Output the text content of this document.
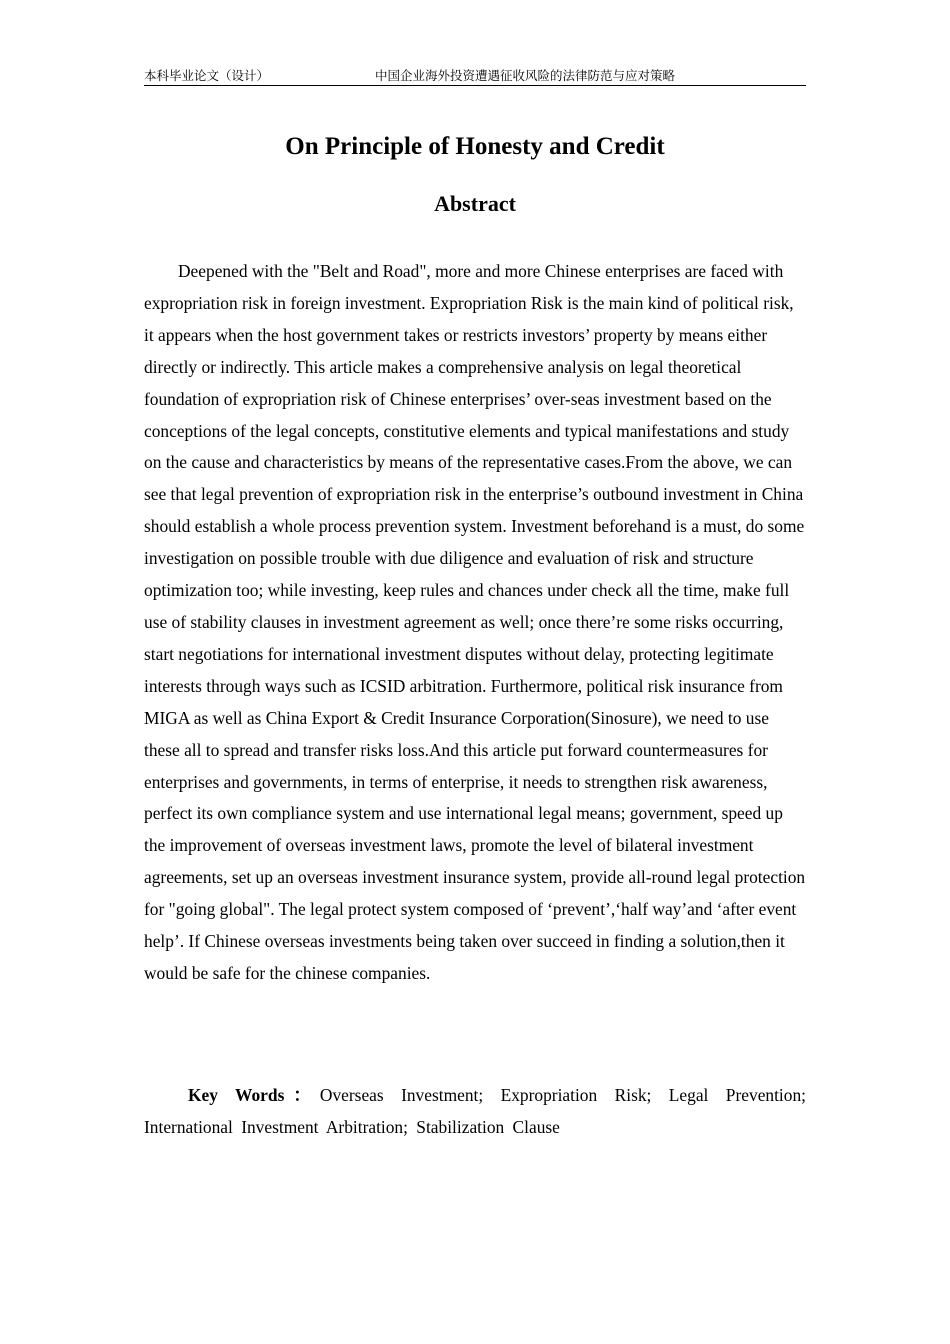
本科毕业论文（设计）	中国企业海外投资遭遇征收风险的法律防范与应对策略
On Principle of Honesty and Credit
Abstract

Deepened with the "Belt and Road", more and more Chinese enterprises are faced with expropriation risk in foreign investment. Expropriation Risk is the main kind of political risk, it appears when the host government takes or restricts investors’ property by means either directly or indirectly. This article makes a comprehensive analysis on legal theoretical foundation of expropriation risk of Chinese enterprises’ over-seas investment based on the conceptions of the legal concepts, constitutive elements and typical manifestations and study on the cause and characteristics by means of the representative cases.From the above, we can see that legal prevention of expropriation risk in the enterprise’s outbound investment in China should establish a whole process prevention system. Investment beforehand is a must, do some investigation on possible trouble with due diligence and evaluation of risk and structure optimization too; while investing, keep rules and chances under check all the time, make full use of stability clauses in investment agreement as well; once there’re some risks occurring, start negotiations for international investment disputes without delay, protecting legitimate interests through ways such as ICSID arbitration. Furthermore, political risk insurance from MIGA as well as China Export & Credit Insurance Corporation(Sinosure), we need to use these all to spread and transfer risks loss.And this article put forward countermeasures for enterprises and governments, in terms of enterprise, it needs to strengthen risk awareness, perfect its own compliance system and use international legal means; government, speed up the improvement of overseas investment laws, promote the level of bilateral investment agreements, set up an overseas investment insurance system, provide all-round legal protection for "going global". The legal protect system composed of ‘prevent’,‘half way’and ‘after event help’. If Chinese overseas investments being taken over succeed in finding a solution,then it would be safe for the chinese companies.

Key Words：Overseas Investment; Expropriation Risk; Legal Prevention; International Investment Arbitration; Stabilization Clause
